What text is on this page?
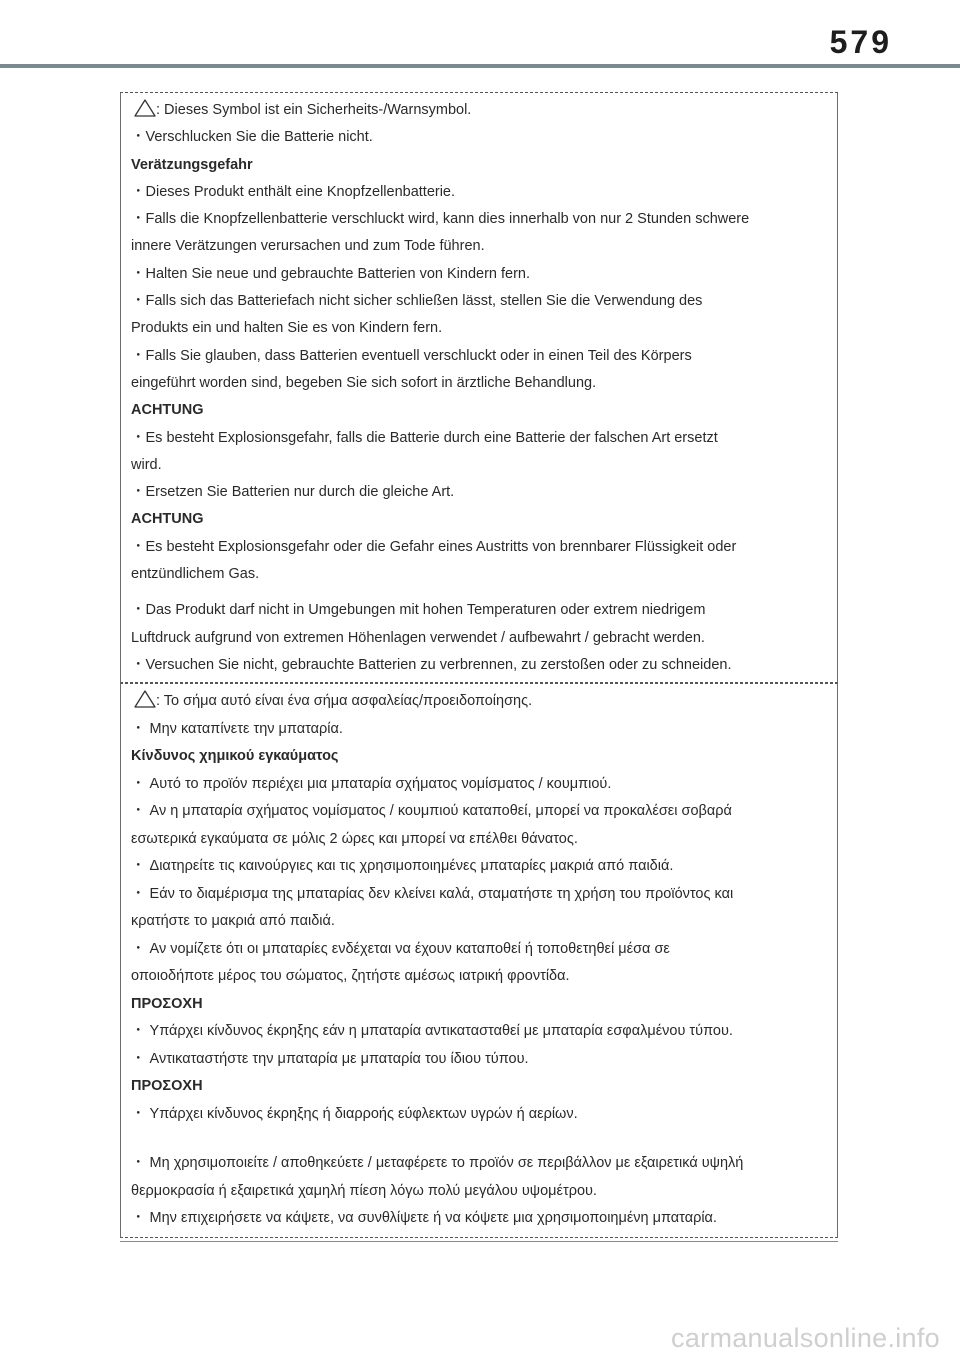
579
: Dieses Symbol ist ein Sicherheits-/Warnsymbol.
・Verschlucken Sie die Batterie nicht.
Verätzungsgefahr
・Dieses Produkt enthält eine Knopfzellenbatterie.
・Falls die Knopfzellenbatterie verschluckt wird, kann dies innerhalb von nur 2 Stunden schwere
innere Verätzungen verursachen und zum Tode führen.
・Halten Sie neue und gebrauchte Batterien von Kindern fern.
・Falls sich das Batteriefach nicht sicher schließen lässt, stellen Sie die Verwendung des
Produkts ein und halten Sie es von Kindern fern.
・Falls Sie glauben, dass Batterien eventuell verschluckt oder in einen Teil des Körpers
eingeführt worden sind, begeben Sie sich sofort in ärztliche Behandlung.
ACHTUNG
・Es besteht Explosionsgefahr, falls die Batterie durch eine Batterie der falschen Art ersetzt
wird.
・Ersetzen Sie Batterien nur durch die gleiche Art.
ACHTUNG
・Es besteht Explosionsgefahr oder die Gefahr eines Austritts von brennbarer Flüssigkeit oder
entzündlichem Gas.
・Das Produkt darf nicht in Umgebungen mit hohen Temperaturen oder extrem niedrigem
Luftdruck aufgrund von extremen Höhenlagen verwendet / aufbewahrt / gebracht werden.
・Versuchen Sie nicht, gebrauchte Batterien zu verbrennen, zu zerstoßen oder zu schneiden.
: Το σήμα αυτό είναι ένα σήμα ασφαλείας/προειδοποίησης.
・ Μην καταπίνετε την μπαταρία.
Κίνδυνος χημικού εγκαύματος
・ Αυτό το προϊόν περιέχει μια μπαταρία σχήματος νομίσματος / κουμπιού.
・ Αν η μπαταρία σχήματος νομίσματος / κουμπιού καταποθεί, μπορεί να προκαλέσει σοβαρά
εσωτερικά εγκαύματα σε μόλις 2 ώρες και μπορεί να επέλθει θάνατος.
・ Διατηρείτε τις καινούργιες και τις χρησιμοποιημένες μπαταρίες μακριά από παιδιά.
・ Εάν το διαμέρισμα της μπαταρίας δεν κλείνει καλά, σταματήστε τη χρήση του προϊόντος και
κρατήστε το μακριά από παιδιά.
・ Αν νομίζετε ότι οι μπαταρίες ενδέχεται να έχουν καταποθεί ή τοποθετηθεί μέσα σε
οποιοδήποτε μέρος του σώματος, ζητήστε αμέσως ιατρική φροντίδα.
ΠΡΟΣΟΧΗ
・ Υπάρχει κίνδυνος έκρηξης εάν η μπαταρία αντικατασταθεί με μπαταρία εσφαλμένου τύπου.
・ Αντικαταστήστε την μπαταρία με μπαταρία του ίδιου τύπου.
ΠΡΟΣΟΧΗ
・ Υπάρχει κίνδυνος έκρηξης ή διαρροής εύφλεκτων υγρών ή αερίων.
・ Μη χρησιμοποιείτε / αποθηκεύετε / μεταφέρετε το προϊόν σε περιβάλλον με εξαιρετικά υψηλή
θερμοκρασία ή εξαιρετικά χαμηλή πίεση λόγω πολύ μεγάλου υψομέτρου.
・ Μην επιχειρήσετε να κάψετε, να συνθλίψετε ή να κόψετε μια χρησιμοποιημένη μπαταρία.
carmanualsonline.info
